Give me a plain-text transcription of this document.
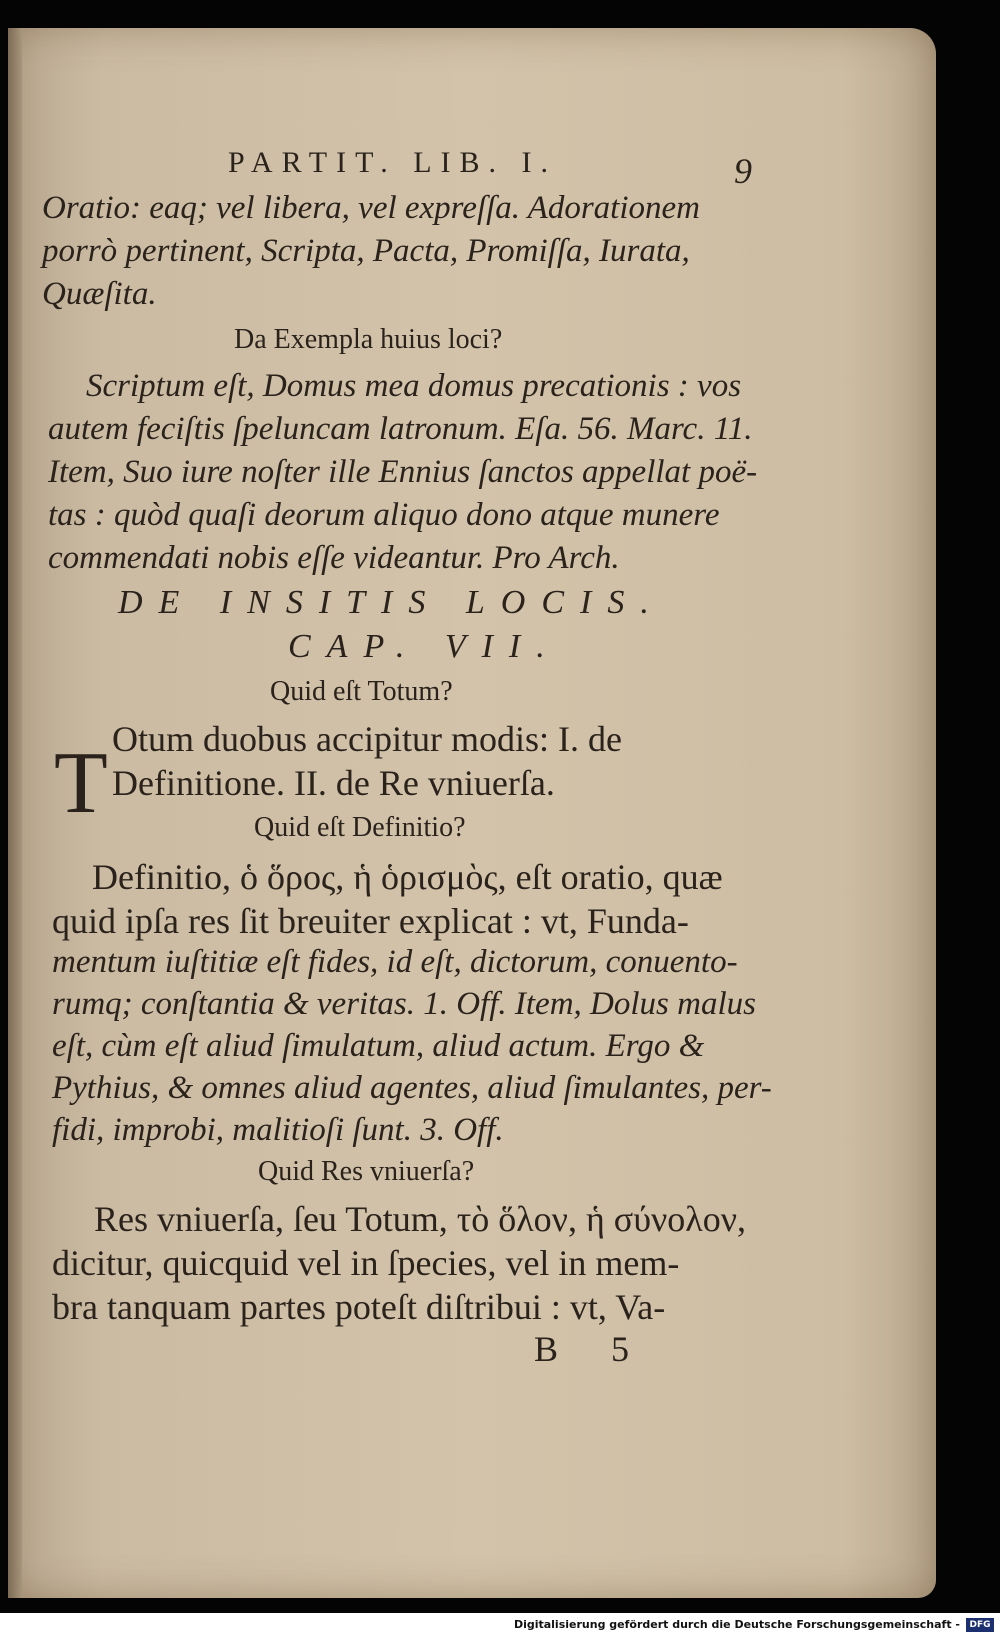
PARTIT. LIB. I.	9
Oratio: eaq; vel libera, vel expreſſa. Adorationem
porrò pertinent, Scripta, Pacta, Promiſſa, Iurata,
Quæſita.
Da Exempla huius loci?
Scriptum eſt, Domus mea domus precationis : vos
autem feciſtis ſpeluncam latronum. Eſa. 56. Marc. 11.
Item, Suo iure noſter ille Ennius ſanctos appellat poë-
tas : quòd quaſi deorum aliquo dono atque munere
commendati nobis eſſe videantur. Pro Arch.
DE INSITIS LOCIS.
CAP. VII.
Quid eſt Totum?
T Otum duobus accipitur modis: I. de
Definitione. II. de Re vniuerſa.
Quid eſt Definitio?
Definitio, ὁ ὅρος, ἡ ὁρισμὸς, eſt oratio, quæ
quid ipſa res ſit breuiter explicat : vt, Funda-
mentum iuſtitiæ eſt fides, id eſt, dictorum, conuento-
rumq; conſtantia & veritas. 1. Off. Item, Dolus malus
eſt, cùm eſt aliud ſimulatum, aliud actum. Ergo &
Pythius, & omnes aliud agentes, aliud ſimulantes, per-
fidi, improbi, malitioſi ſunt. 3. Off.
Quid Res vniuerſa?
Res vniuerſa, ſeu Totum, τὸ ὅλον, ἡ σύνολον,
dicitur, quicquid vel in ſpecies, vel in mem-
bra tanquam partes poteſt diſtribui : vt, Va-
B 5
Digitalisierung gefördert durch die Deutsche Forschungsgemeinschaft -	DFG
